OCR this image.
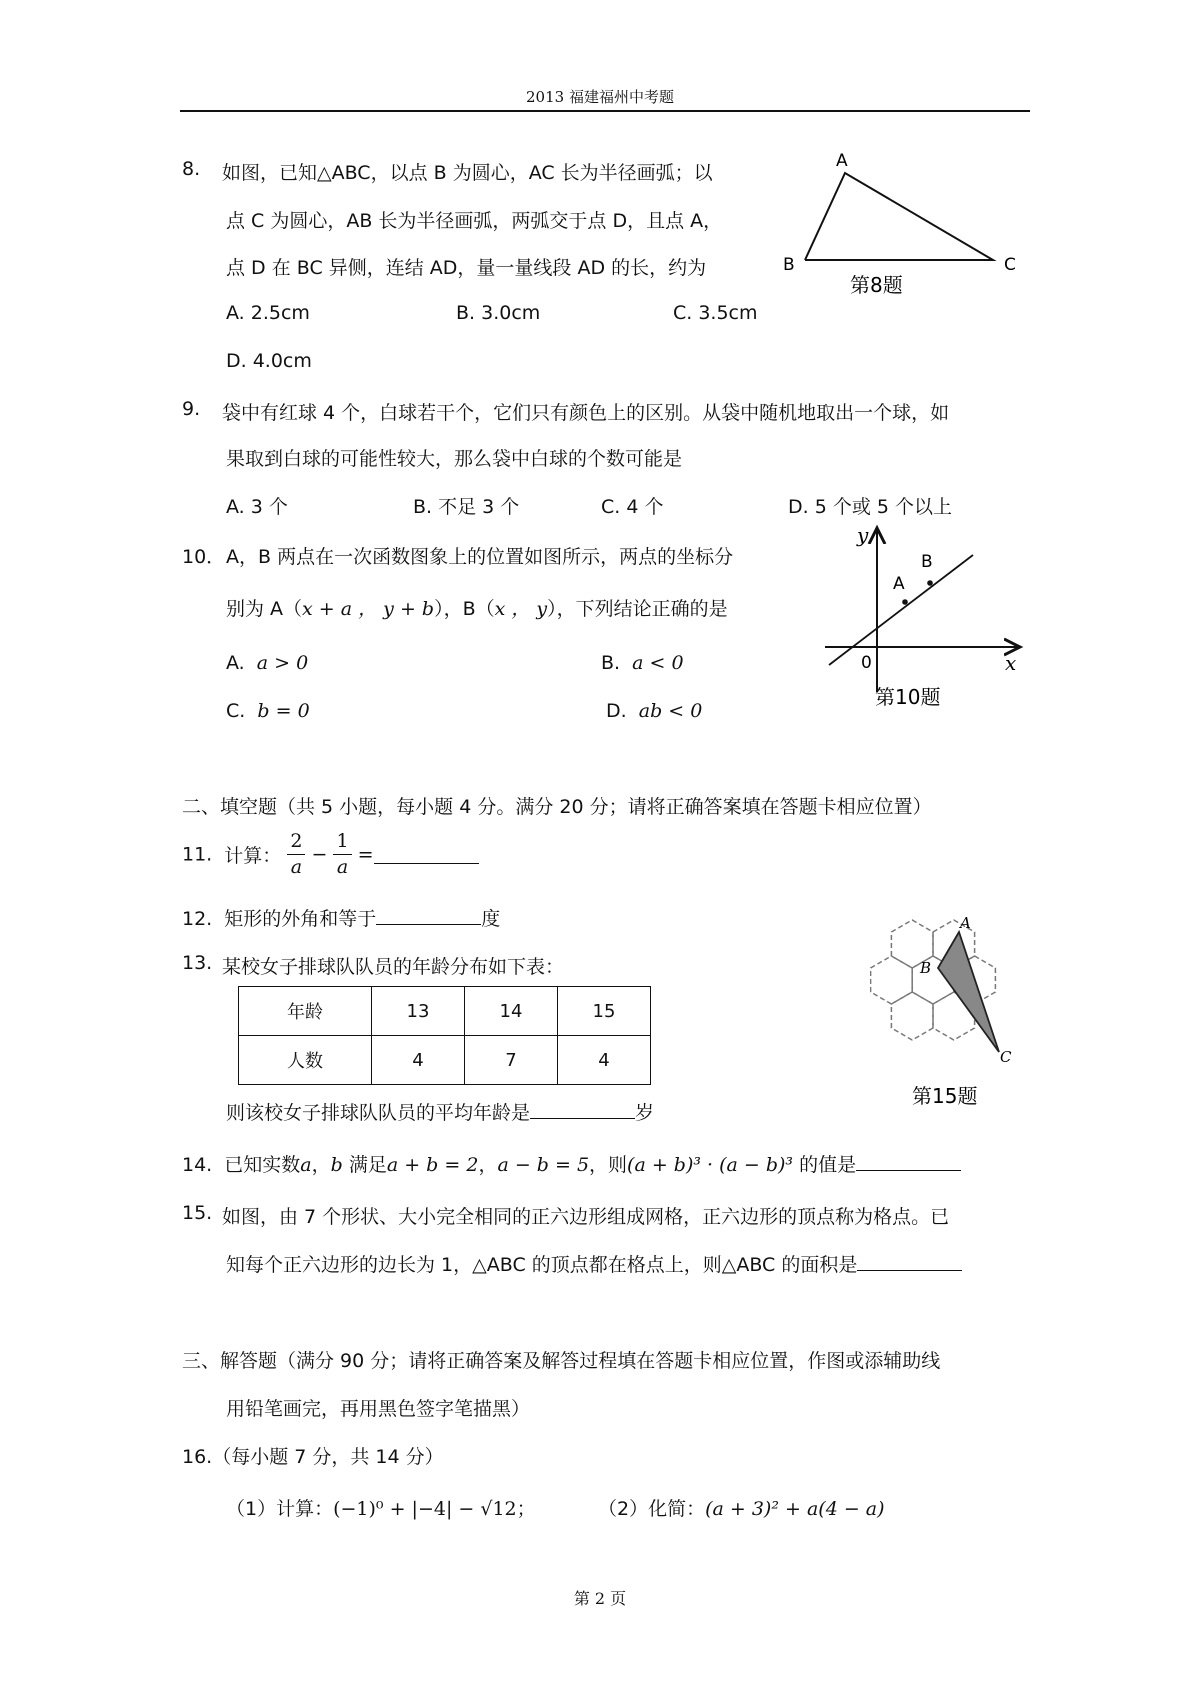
2013 福建福州中考题
8. 如图，已知△ABC，以点 B 为圆心，AC 长为半径画弧；以
点 C 为圆心，AB 长为半径画弧，两弧交于点 D，且点 A，
点 D 在 BC 异侧，连结 AD，量一量线段 AD 的长，约为
A. 2.5cm	B. 3.0cm	C. 3.5cm
D. 4.0cm
A
B	C
第8题
9. 袋中有红球 4 个，白球若干个，它们只有颜色上的区别。从袋中随机地取出一个球，如
果取到白球的可能性较大，那么袋中白球的个数可能是
A. 3 个	B. 不足 3 个	C. 4 个	D. 5 个或 5 个以上
10． A，B 两点在一次函数图象上的位置如图所示，两点的坐标分
别为 A（x + a ， y + b），B（x ， y），下列结论正确的是
A. a > 0	B. a < 0
C. b = 0	D. ab < 0
A
B
y
x
0
第10题
二、填空题（共 5 小题，每小题 4 分。满分 20 分；请将正确答案填在答题卡相应位置）
11. 计算： $\frac{2}{a} - \frac{1}{a}$ =
12. 矩形的外角和等于	度
13. 某校女子排球队队员的年龄分布如下表：
年龄	13	14	15
人数	4	7	4
则该校女子排球队队员的平均年龄是	岁
A
B
C
第15题
14. 已知实数a，b 满足a + b = 2，a − b = 5，则(a + b)³ · (a − b)³ 的值是
15. 如图，由 7 个形状、大小完全相同的正六边形组成网格，正六边形的顶点称为格点。已
知每个正六边形的边长为 1，△ABC 的顶点都在格点上，则△ABC 的面积是
三、解答题（满分 90 分；请将正确答案及解答过程填在答题卡相应位置，作图或添辅助线
用铅笔画完，再用黑色签字笔描黑）
16.（每小题 7 分，共 14 分）
（1）计算：(−1)⁰ + |−4| − √12；	（2）化简：(a + 3)² + a(4 − a)
第 2 页
